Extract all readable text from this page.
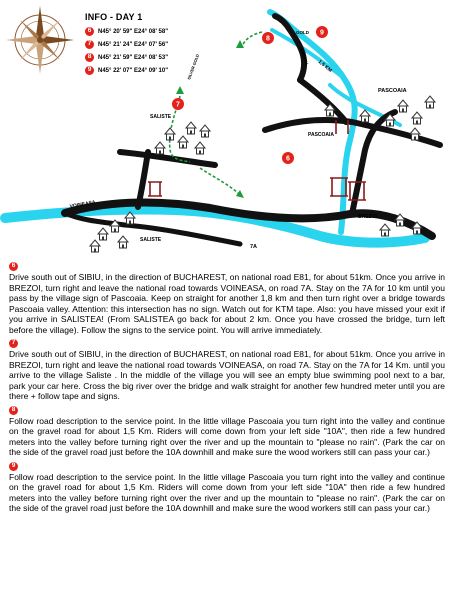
VOINEASA
SALISTE
SALISTE
PASCOAIA
PASCOAIA
LOTRU RIVER
7A
BREZOI
1,5 KM
GOLD
SILVER GOLD	DOWNHILL
6
7
8
9
INFO - DAY 1
6	N45° 20' 59" E24° 08' 58"
7	N45° 21' 24" E24° 07' 56"
8	N45° 21' 59" E24° 08' 53"
9	N45° 22' 07" E24° 09' 10"
6

Drive south out of SIBIU, in the direction of BUCHAREST, on national road E81, for about 51km. Once you arrive in BREZOI, turn right and leave the national road towards VOINEASA, on road 7A. Stay on the 7A for 10 km until you pass by the village sign of Pascoaia. Keep on straight for another 1,8 km and then turn right over a bridge towards Pascoaia valley. Attention: this intersection has no sign. Watch out for KTM tape. Also: you have missed your exit if you arrive in SALISTEA! (From SALISTEA go back for about 2 km. Once you have crossed the bridge, turn left before the village). Follow the signs to the service point. You will arrive immediately.

7

Drive south out of SIBIU, in the direction of BUCHAREST, on national road E81, for about 51km. Once you arrive in BREZOI, turn right and leave the national road towards VOINEASA, on road 7A. Stay on the 7A for 14 Km. until you arrive to the village Saliste . In the middle of the village you will see an empty blue swimming pool next to a bar, park your car here. Cross the big river over the bridge and walk straight for another few hundred meter until you are there + follow tape and signs.

8

Follow road description to the service point. In the little village Pascoaia you turn right into the valley and continue on the gravel road for about 1,5 Km. Riders will come down from your left side "10A", then ride a few hundred meters into the valley before turning right over the river and up the mountain to "please no rain". (Park the car on the side of the gravel road just before the 10A downhill and make sure the wood workers still can pass your car.)

9

Follow road description to the service point. In the little village Pascoaia you turn right into the valley and continue on the gravel road for about 1,5 Km. Riders will come down from your left side "10A" then ride a few hundred meters into the valley before turning right over the river and up the mountain to "please no rain". (Park the car on the side of the gravel road just before the 10A downhill and make sure the wood workers still can pass your car.)
